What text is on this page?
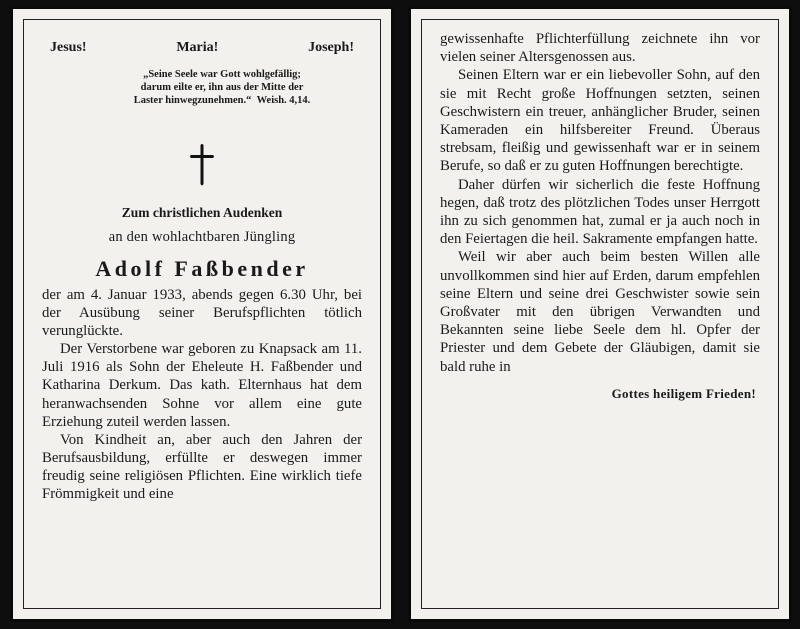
Jesus!	Maria!	Joseph!
„Seine Seele war Gott wohlgefällig;
darum eilte er, ihn aus der Mitte der
Laster hinwegzunehmen.“ Weish. 4,14.
Zum christlichen Audenken
an den wohlachtbaren Jüngling
Adolf Faßbender

der am 4. Januar 1933, abends gegen 6.30 Uhr, bei der Ausübung seiner Berufspflichten tötlich verunglückte.

Der Verstorbene war geboren zu Knapsack am 11. Juli 1916 als Sohn der Eheleute H. Faßbender und Katharina Derkum. Das kath. Elternhaus hat dem heranwachsenden Sohne vor allem eine gute Erziehung zuteil werden lassen.

Von Kindheit an, aber auch den Jahren der Berufsausbildung, erfüllte er deswegen immer freudig seine religiösen Pflichten. Eine wirklich tiefe Frömmigkeit und eine

gewissenhafte Pflichterfüllung zeichnete ihn vor vielen seiner Altersgenossen aus.

Seinen Eltern war er ein liebevoller Sohn, auf den sie mit Recht große Hoffnungen setzten, seinen Geschwistern ein treuer, anhänglicher Bruder, seinen Kameraden ein hilfsbereiter Freund. Überaus strebsam, fleißig und gewissenhaft war er in seinem Berufe, so daß er zu guten Hoffnungen berechtigte.

Daher dürfen wir sicherlich die feste Hoffnung hegen, daß trotz des plötzlichen Todes unser Herrgott ihn zu sich genommen hat, zumal er ja auch noch in den Feiertagen die heil. Sakramente empfangen hatte.

Weil wir aber auch beim besten Willen alle unvollkommen sind hier auf Erden, darum empfehlen seine Eltern und seine drei Geschwister sowie sein Großvater mit den übrigen Verwandten und Bekannten seine liebe Seele dem hl. Opfer der Priester und dem Gebete der Gläubigen, damit sie bald ruhe in

Gottes heiligem Frieden!
